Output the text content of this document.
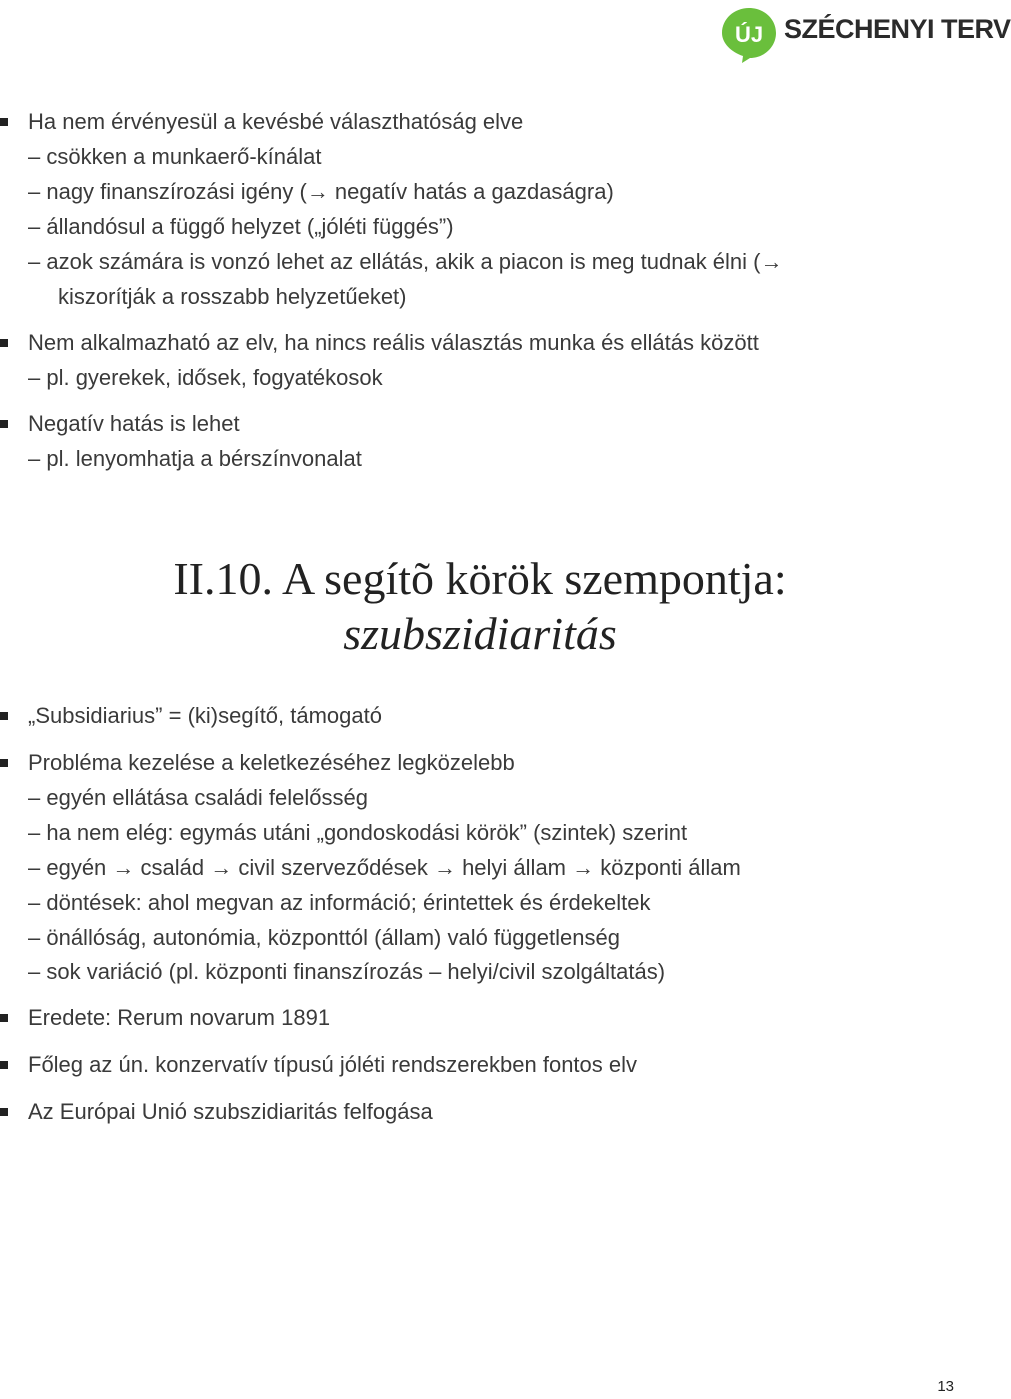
ÚJ SZÉCHENYI TERV
Ha nem érvényesül a kevésbé választhatóság elve
– csökken a munkaerő-kínálat
– nagy finanszírozási igény (→ negatív hatás a gazdaságra)
– állandósul a függő helyzet („jóléti függés”)
– azok számára is vonzó lehet az ellátás, akik a piacon is meg tudnak élni (→
kiszorítják a rosszabb helyzetűeket)
Nem alkalmazható az elv, ha nincs reális választás munka és ellátás között
– pl. gyerekek, idősek, fogyatékosok
Negatív hatás is lehet
– pl. lenyomhatja a bérszínvonalat
II.10. A segítõ körök szempontja:
szubszidiaritás
„Subsidiarius” = (ki)segítő, támogató
Probléma kezelése a keletkezéséhez legközelebb
– egyén ellátása családi felelősség
– ha nem elég: egymás utáni „gondoskodási körök” (szintek) szerint
– egyén → család → civil szerveződések → helyi állam → központi állam
– döntések: ahol megvan az információ; érintettek és érdekeltek
– önállóság, autonómia, központtól (állam) való függetlenség
– sok variáció (pl. központi finanszírozás – helyi/civil szolgáltatás)
Eredete: Rerum novarum 1891
Főleg az ún. konzervatív típusú jóléti rendszerekben fontos elv
Az Európai Unió szubszidiaritás felfogása
13
